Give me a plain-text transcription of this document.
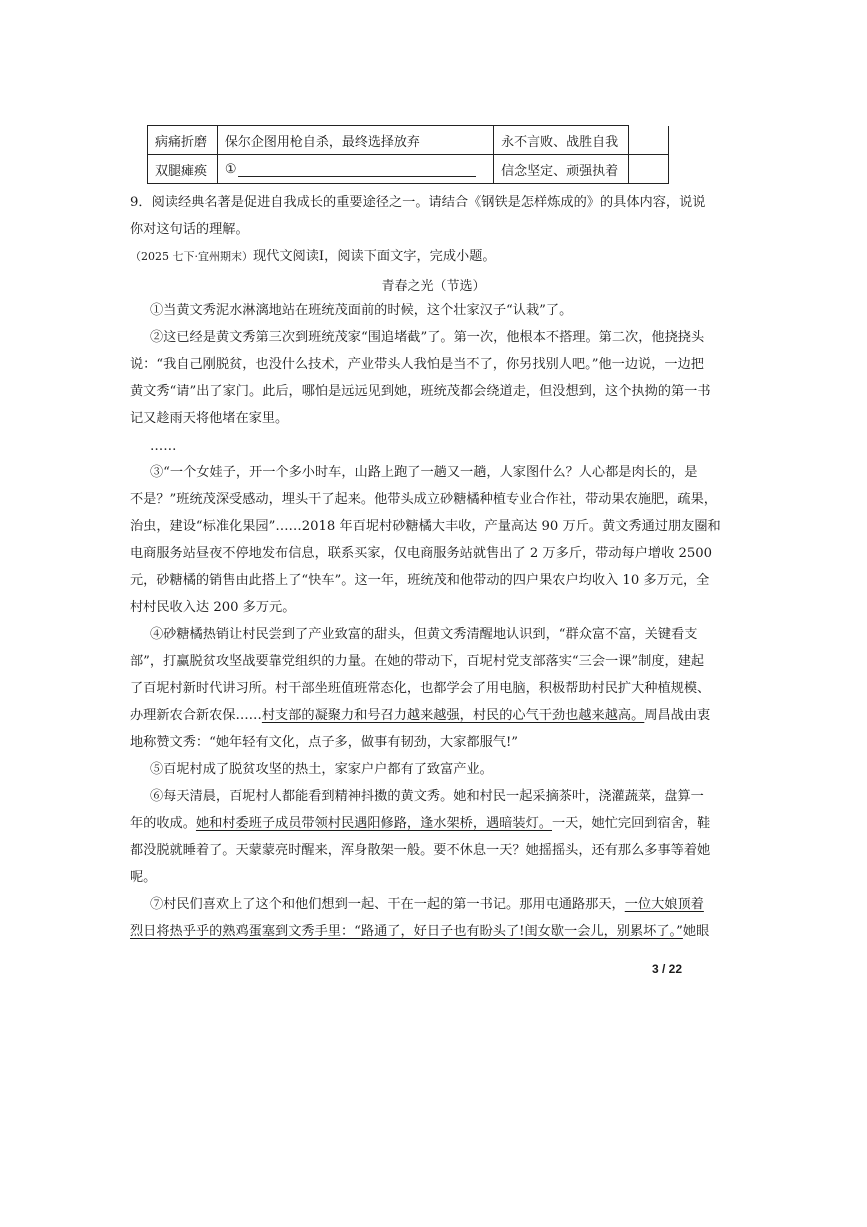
病痛折磨	保尔企图用枪自杀，最终选择放弃	永不言败、战胜自我	
双腿瘫痪	①	信念坚定、顽强执着	
9．阅读经典名著是促进自我成长的重要途径之一。请结合《钢铁是怎样炼成的》的具体内容，说说
你对这句话的理解。
（2025 七下·宜州期末）现代文阅读Ⅰ，阅读下面文字，完成小题。
青春之光（节选）
①当黄文秀泥水淋漓地站在班统茂面前的时候，这个壮家汉子“认栽”了。
②这已经是黄文秀第三次到班统茂家“围追堵截”了。第一次，他根本不搭理。第二次，他挠挠头
说：“我自己刚脱贫，也没什么技术，产业带头人我怕是当不了，你另找别人吧。”他一边说，一边把
黄文秀“请”出了家门。此后，哪怕是远远见到她，班统茂都会绕道走，但没想到，这个执拗的第一书
记又趁雨天将他堵在家里。
……
③“一个女娃子，开一个多小时车，山路上跑了一趟又一趟，人家图什么？人心都是肉长的，是
不是？”班统茂深受感动，埋头干了起来。他带头成立砂糖橘种植专业合作社，带动果农施肥，疏果，
治虫，建设“标准化果园”……2018 年百坭村砂糖橘大丰收，产量高达 90 万斤。黄文秀通过朋友圈和
电商服务站昼夜不停地发布信息，联系买家，仅电商服务站就售出了 2 万多斤，带动每户增收 2500
元，砂糖橘的销售由此搭上了“快车”。这一年，班统茂和他带动的四户果农户均收入 10 多万元，全
村村民收入达 200 多万元。
④砂糖橘热销让村民尝到了产业致富的甜头，但黄文秀清醒地认识到，“群众富不富，关键看支
部”，打赢脱贫攻坚战要靠党组织的力量。在她的带动下，百坭村党支部落实“三会一课”制度，建起
了百坭村新时代讲习所。村干部坐班值班常态化，也都学会了用电脑，积极帮助村民扩大种植规模、
办理新农合新农保……村支部的凝聚力和号召力越来越强，村民的心气干劲也越来越高。周昌战由衷
地称赞文秀：“她年轻有文化，点子多，做事有韧劲，大家都服气!”
⑤百坭村成了脱贫攻坚的热土，家家户户都有了致富产业。
⑥每天清晨，百坭村人都能看到精神抖擞的黄文秀。她和村民一起采摘茶叶，浇灌蔬菜，盘算一
年的收成。她和村委班子成员带领村民遇阳修路，逢水架桥，遇暗装灯。一天，她忙完回到宿舍，鞋
都没脱就睡着了。天蒙蒙亮时醒来，浑身散架一般。要不休息一天？她摇摇头，还有那么多事等着她
呢。
⑦村民们喜欢上了这个和他们想到一起、干在一起的第一书记。那用屯通路那天，一位大娘顶着
烈日将热乎乎的熟鸡蛋塞到文秀手里：“路通了，好日子也有盼头了!闺女歇一会儿，别累坏了。”她眼
3 / 22
